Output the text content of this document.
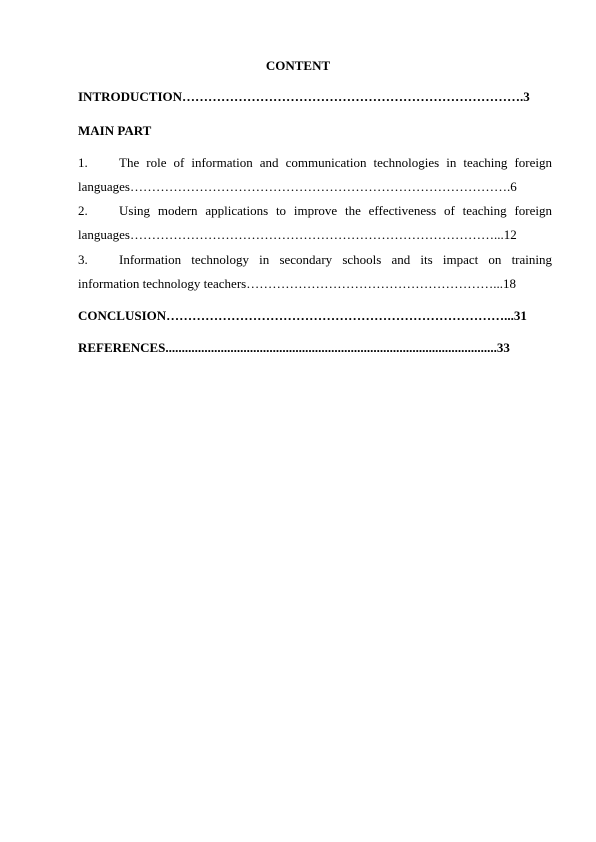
CONTENT
INTRODUCTION…………………………………………………………………….3
MAIN PART
1. The role of information and communication technologies in teaching foreign
languages…………………………………………………………………………….6
2. Using modern applications to improve the effectiveness of teaching foreign
languages…………………………………………………………………………...12
3. Information technology in secondary schools and its impact on training
information technology teachers…………………………………………………...18
CONCLUSION……………………………………………………………………...31
REFERENCES......................................................................................................33
